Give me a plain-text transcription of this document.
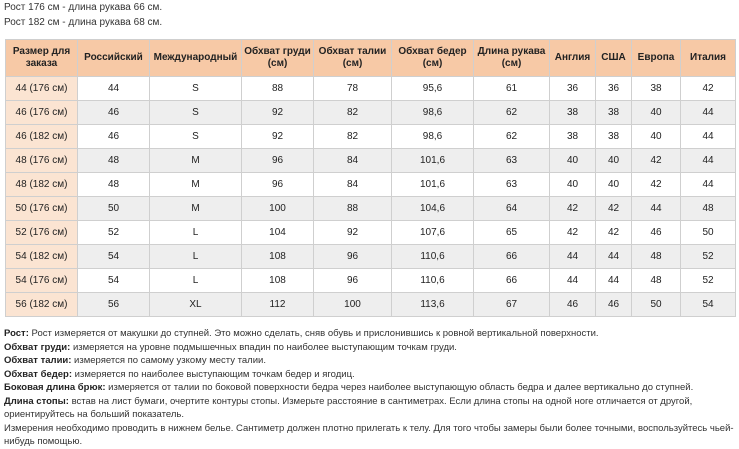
Рост 176 см - длина рукава 66 см.
Рост 182 см - длина рукава 68 см.
Размер для заказа	Российский	Международный	Обхват груди (см)	Обхват талии (см)	Обхват бедер (см)	Длина рукава (см)	Англия	США	Европа	Италия
44 (176 см)	44	S	88	78	95,6	61	36	36	38	42
46 (176 см)	46	S	92	82	98,6	62	38	38	40	44
46 (182 см)	46	S	92	82	98,6	62	38	38	40	44
48 (176 см)	48	M	96	84	101,6	63	40	40	42	44
48 (182 см)	48	M	96	84	101,6	63	40	40	42	44
50 (176 см)	50	M	100	88	104,6	64	42	42	44	48
52 (176 см)	52	L	104	92	107,6	65	42	42	46	50
54 (182 см)	54	L	108	96	110,6	66	44	44	48	52
54 (176 см)	54	L	108	96	110,6	66	44	44	48	52
56 (182 см)	56	XL	112	100	113,6	67	46	46	50	54

Рост: Рост измеряется от макушки до ступней. Это можно сделать, сняв обувь и прислонившись к ровной вертикальной поверхности.

Обхват груди: измеряется на уровне подмышечных впадин по наиболее выступающим точкам груди.

Обхват талии: измеряется по самому узкому месту талии.

Обхват бедер: измеряется по наиболее выступающим точкам бедер и ягодиц.

Боковая длина брюк: измеряется от талии по боковой поверхности бедра через наиболее выступающую область бедра и далее вертикально до ступней.

Длина стопы: встав на лист бумаги, очертите контуры стопы. Измерьте расстояние в сантиметрах. Если длина стопы на одной ноге отличается от другой, ориентируйтесь на больший показатель.

Измерения необходимо проводить в нижнем белье. Сантиметр должен плотно прилегать к телу. Для того чтобы замеры были более точными, воспользуйтесь чьей-нибудь помощью.
